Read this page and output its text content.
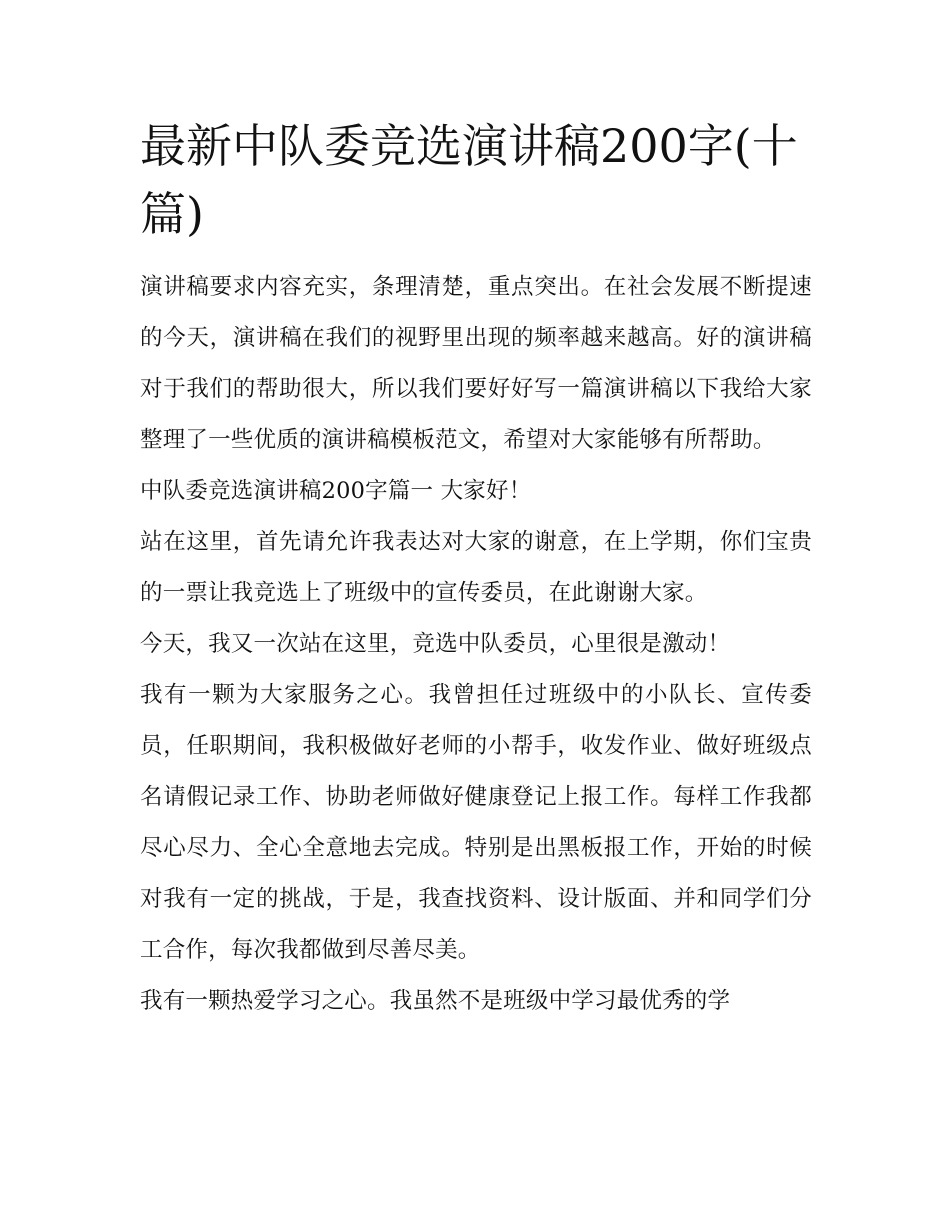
最新中队委竞选演讲稿200字(十篇)

演讲稿要求内容充实，条理清楚，重点突出。在社会发展不断提速的今天，演讲稿在我们的视野里出现的频率越来越高。好的演讲稿对于我们的帮助很大，所以我们要好好写一篇演讲稿以下我给大家整理了一些优质的演讲稿模板范文，希望对大家能够有所帮助。

中队委竞选演讲稿200字篇一 大家好！

站在这里，首先请允许我表达对大家的谢意，在上学期，你们宝贵的一票让我竞选上了班级中的宣传委员，在此谢谢大家。

今天，我又一次站在这里，竞选中队委员，心里很是激动！

我有一颗为大家服务之心。我曾担任过班级中的小队长、宣传委员，任职期间，我积极做好老师的小帮手，收发作业、做好班级点名请假记录工作、协助老师做好健康登记上报工作。每样工作我都尽心尽力、全心全意地去完成。特别是出黑板报工作，开始的时候对我有一定的挑战，于是，我查找资料、设计版面、并和同学们分工合作，每次我都做到尽善尽美。

我有一颗热爱学习之心。我虽然不是班级中学习最优秀的学
